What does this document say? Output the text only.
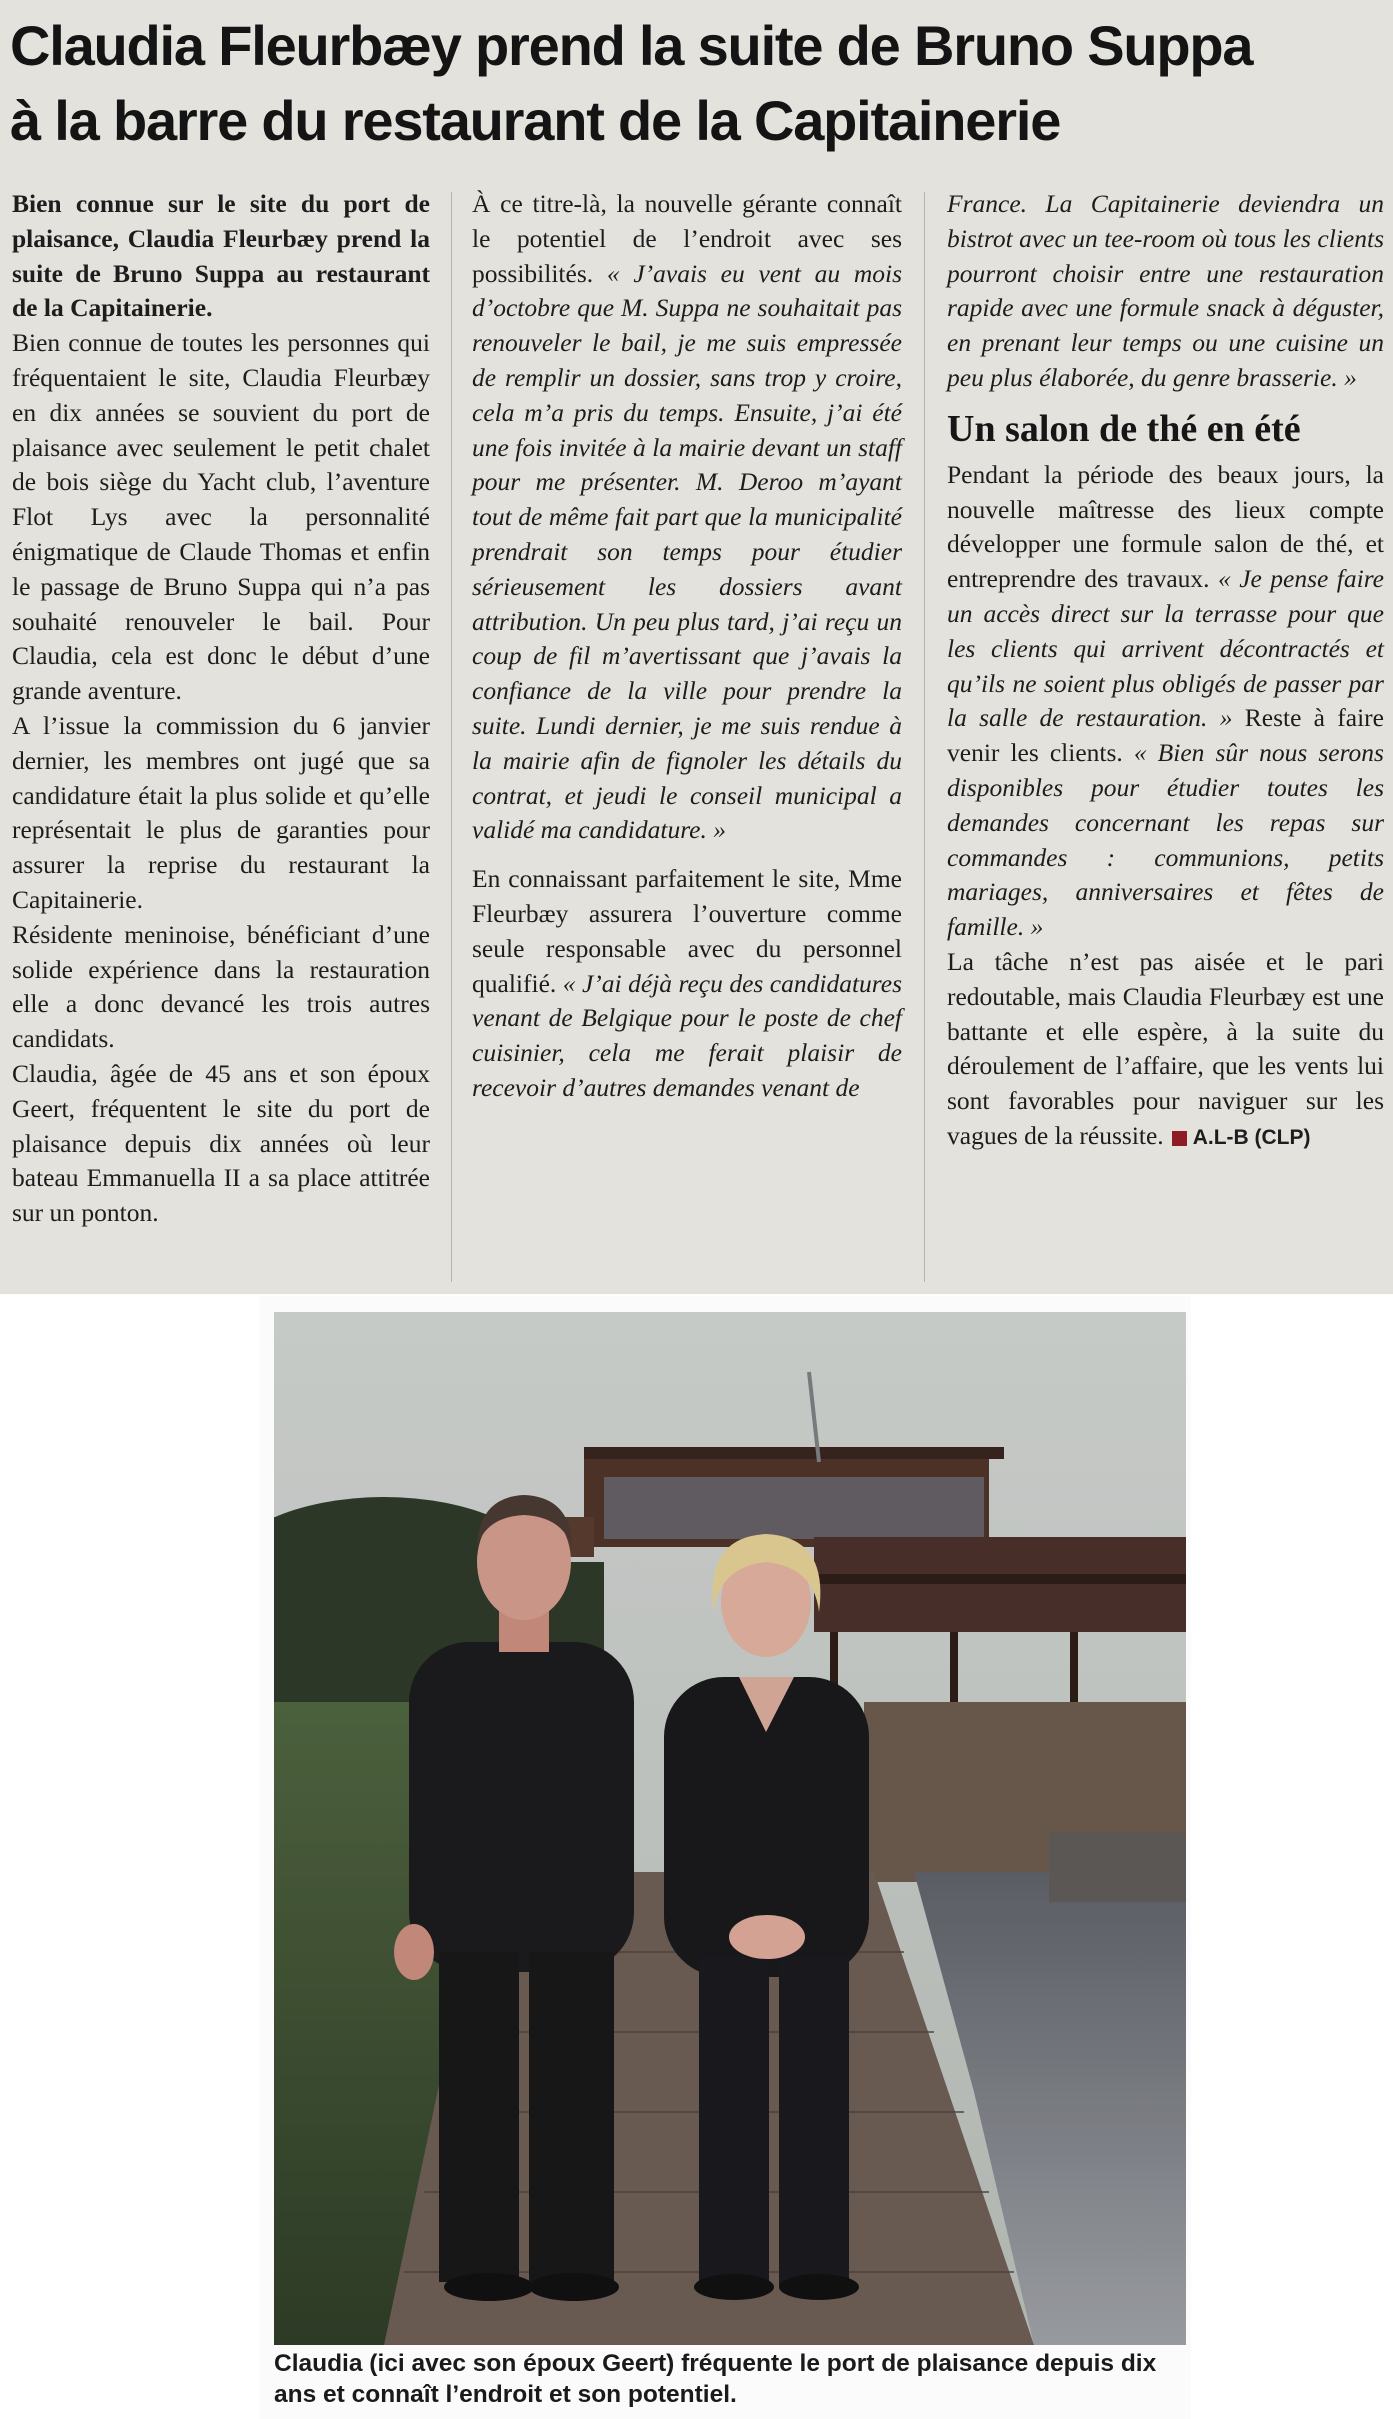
Claudia Fleurbæy prend la suite de Bruno Suppa
à la barre du restaurant de la Capitainerie

Bien connue sur le site du port de plaisance, Claudia Fleurbæy prend la suite de Bruno Suppa au restaurant de la Capitainerie.

Bien connue de toutes les personnes qui fréquentaient le site, Claudia Fleurbæy en dix années se souvient du port de plaisance avec seulement le petit chalet de bois siège du Yacht club, l’aventure Flot Lys avec la personnalité énigmatique de Claude Thomas et enfin le passage de Bruno Suppa qui n’a pas souhaité renouveler le bail. Pour Claudia, cela est donc le début d’une grande aventure.

A l’issue la commission du 6 janvier dernier, les membres ont jugé que sa candidature était la plus solide et qu’elle représentait le plus de garanties pour assurer la reprise du restaurant la Capitainerie.

Résidente meninoise, bénéficiant d’une solide expérience dans la restauration elle a donc devancé les trois autres candidats.

Claudia, âgée de 45 ans et son époux Geert, fréquentent le site du port de plaisance depuis dix années où leur bateau Emmanuella II a sa place attitrée sur un ponton.

À ce titre-là, la nouvelle gérante connaît le potentiel de l’endroit avec ses possibilités. « J’avais eu vent au mois d’octobre que M. Suppa ne souhaitait pas renouveler le bail, je me suis empressée de remplir un dossier, sans trop y croire, cela m’a pris du temps. Ensuite, j’ai été une fois invitée à la mairie devant un staff pour me présenter. M. Deroo m’ayant tout de même fait part que la municipalité prendrait son temps pour étudier sérieusement les dossiers avant attribution. Un peu plus tard, j’ai reçu un coup de fil m’avertissant que j’avais la confiance de la ville pour prendre la suite. Lundi dernier, je me suis rendue à la mairie afin de fignoler les détails du contrat, et jeudi le conseil municipal a validé ma candidature. »

En connaissant parfaitement le site, Mme Fleurbæy assurera l’ouverture comme seule responsable avec du personnel qualifié. « J’ai déjà reçu des candidatures venant de Belgique pour le poste de chef cuisinier, cela me ferait plaisir de recevoir d’autres demandes venant de

France. La Capitainerie deviendra un bistrot avec un tee-room où tous les clients pourront choisir entre une restauration rapide avec une formule snack à déguster, en prenant leur temps ou une cuisine un peu plus élaborée, du genre brasserie. »

Un salon de thé en été

Pendant la période des beaux jours, la nouvelle maîtresse des lieux compte développer une formule salon de thé, et entreprendre des travaux. « Je pense faire un accès direct sur la terrasse pour que les clients qui arrivent décontractés et qu’ils ne soient plus obligés de passer par la salle de restauration. » Reste à faire venir les clients. « Bien sûr nous serons disponibles pour étudier toutes les demandes concernant les repas sur commandes : communions, petits mariages, anniversaires et fêtes de famille. »

La tâche n’est pas aisée et le pari redoutable, mais Claudia Fleurbæy est une battante et elle espère, à la suite du déroulement de l’affaire, que les vents lui sont favorables pour naviguer sur les vagues de la réussite. A.L-B (CLP)

Claudia (ici avec son époux Geert) fréquente le port de plaisance depuis dix ans et connaît l’endroit et son potentiel.
